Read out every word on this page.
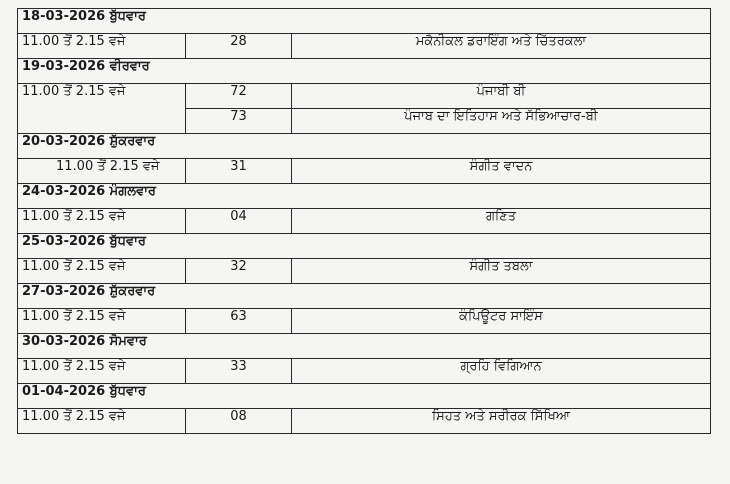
18-03-2026 ਬੁੱਧਵਾਰ		
11.00 ਤੋਂ 2.15 ਵਜੇ	28	ਮਕੈਨੀਕਲ ਡਰਾਇੰਗ ਅਤੇ ਚਿੱਤਰਕਲਾ
19-03-2026 ਵੀਰਵਾਰ		
11.00 ਤੋਂ 2.15 ਵਜੇ	72	ਪੰਜਾਬੀ ਬੀ
	73	ਪੰਜਾਬ ਦਾ ਇਤਿਹਾਸ ਅਤੇ ਸੱਭਿਆਚਾਰ-ਬੀ
20-03-2026 ਸ਼ੁੱਕਰਵਾਰ		
11.00 ਤੋਂ 2.15 ਵਜੇ	31	ਸੰਗੀਤ ਵਾਦਨ
24-03-2026 ਮੰਗਲਵਾਰ		
11.00 ਤੋਂ 2.15 ਵਜੇ	04	ਗਣਿਤ
25-03-2026 ਬੁੱਧਵਾਰ		
11.00 ਤੋਂ 2.15 ਵਜੇ	32	ਸੰਗੀਤ ਤਬਲਾ
27-03-2026 ਸ਼ੁੱਕਰਵਾਰ		
11.00 ਤੋਂ 2.15 ਵਜੇ	63	ਕੰਪਿਊਟਰ ਸਾਇੰਸ
30-03-2026 ਸੋਮਵਾਰ		
11.00 ਤੋਂ 2.15 ਵਜੇ	33	ਗ੍ਰਹਿ ਵਿਗਿਆਨ
01-04-2026 ਬੁੱਧਵਾਰ		
11.00 ਤੋਂ 2.15 ਵਜੇ	08	ਸਿਹਤ ਅਤੇ ਸਰੀਰਕ ਸਿੱਖਿਆ
